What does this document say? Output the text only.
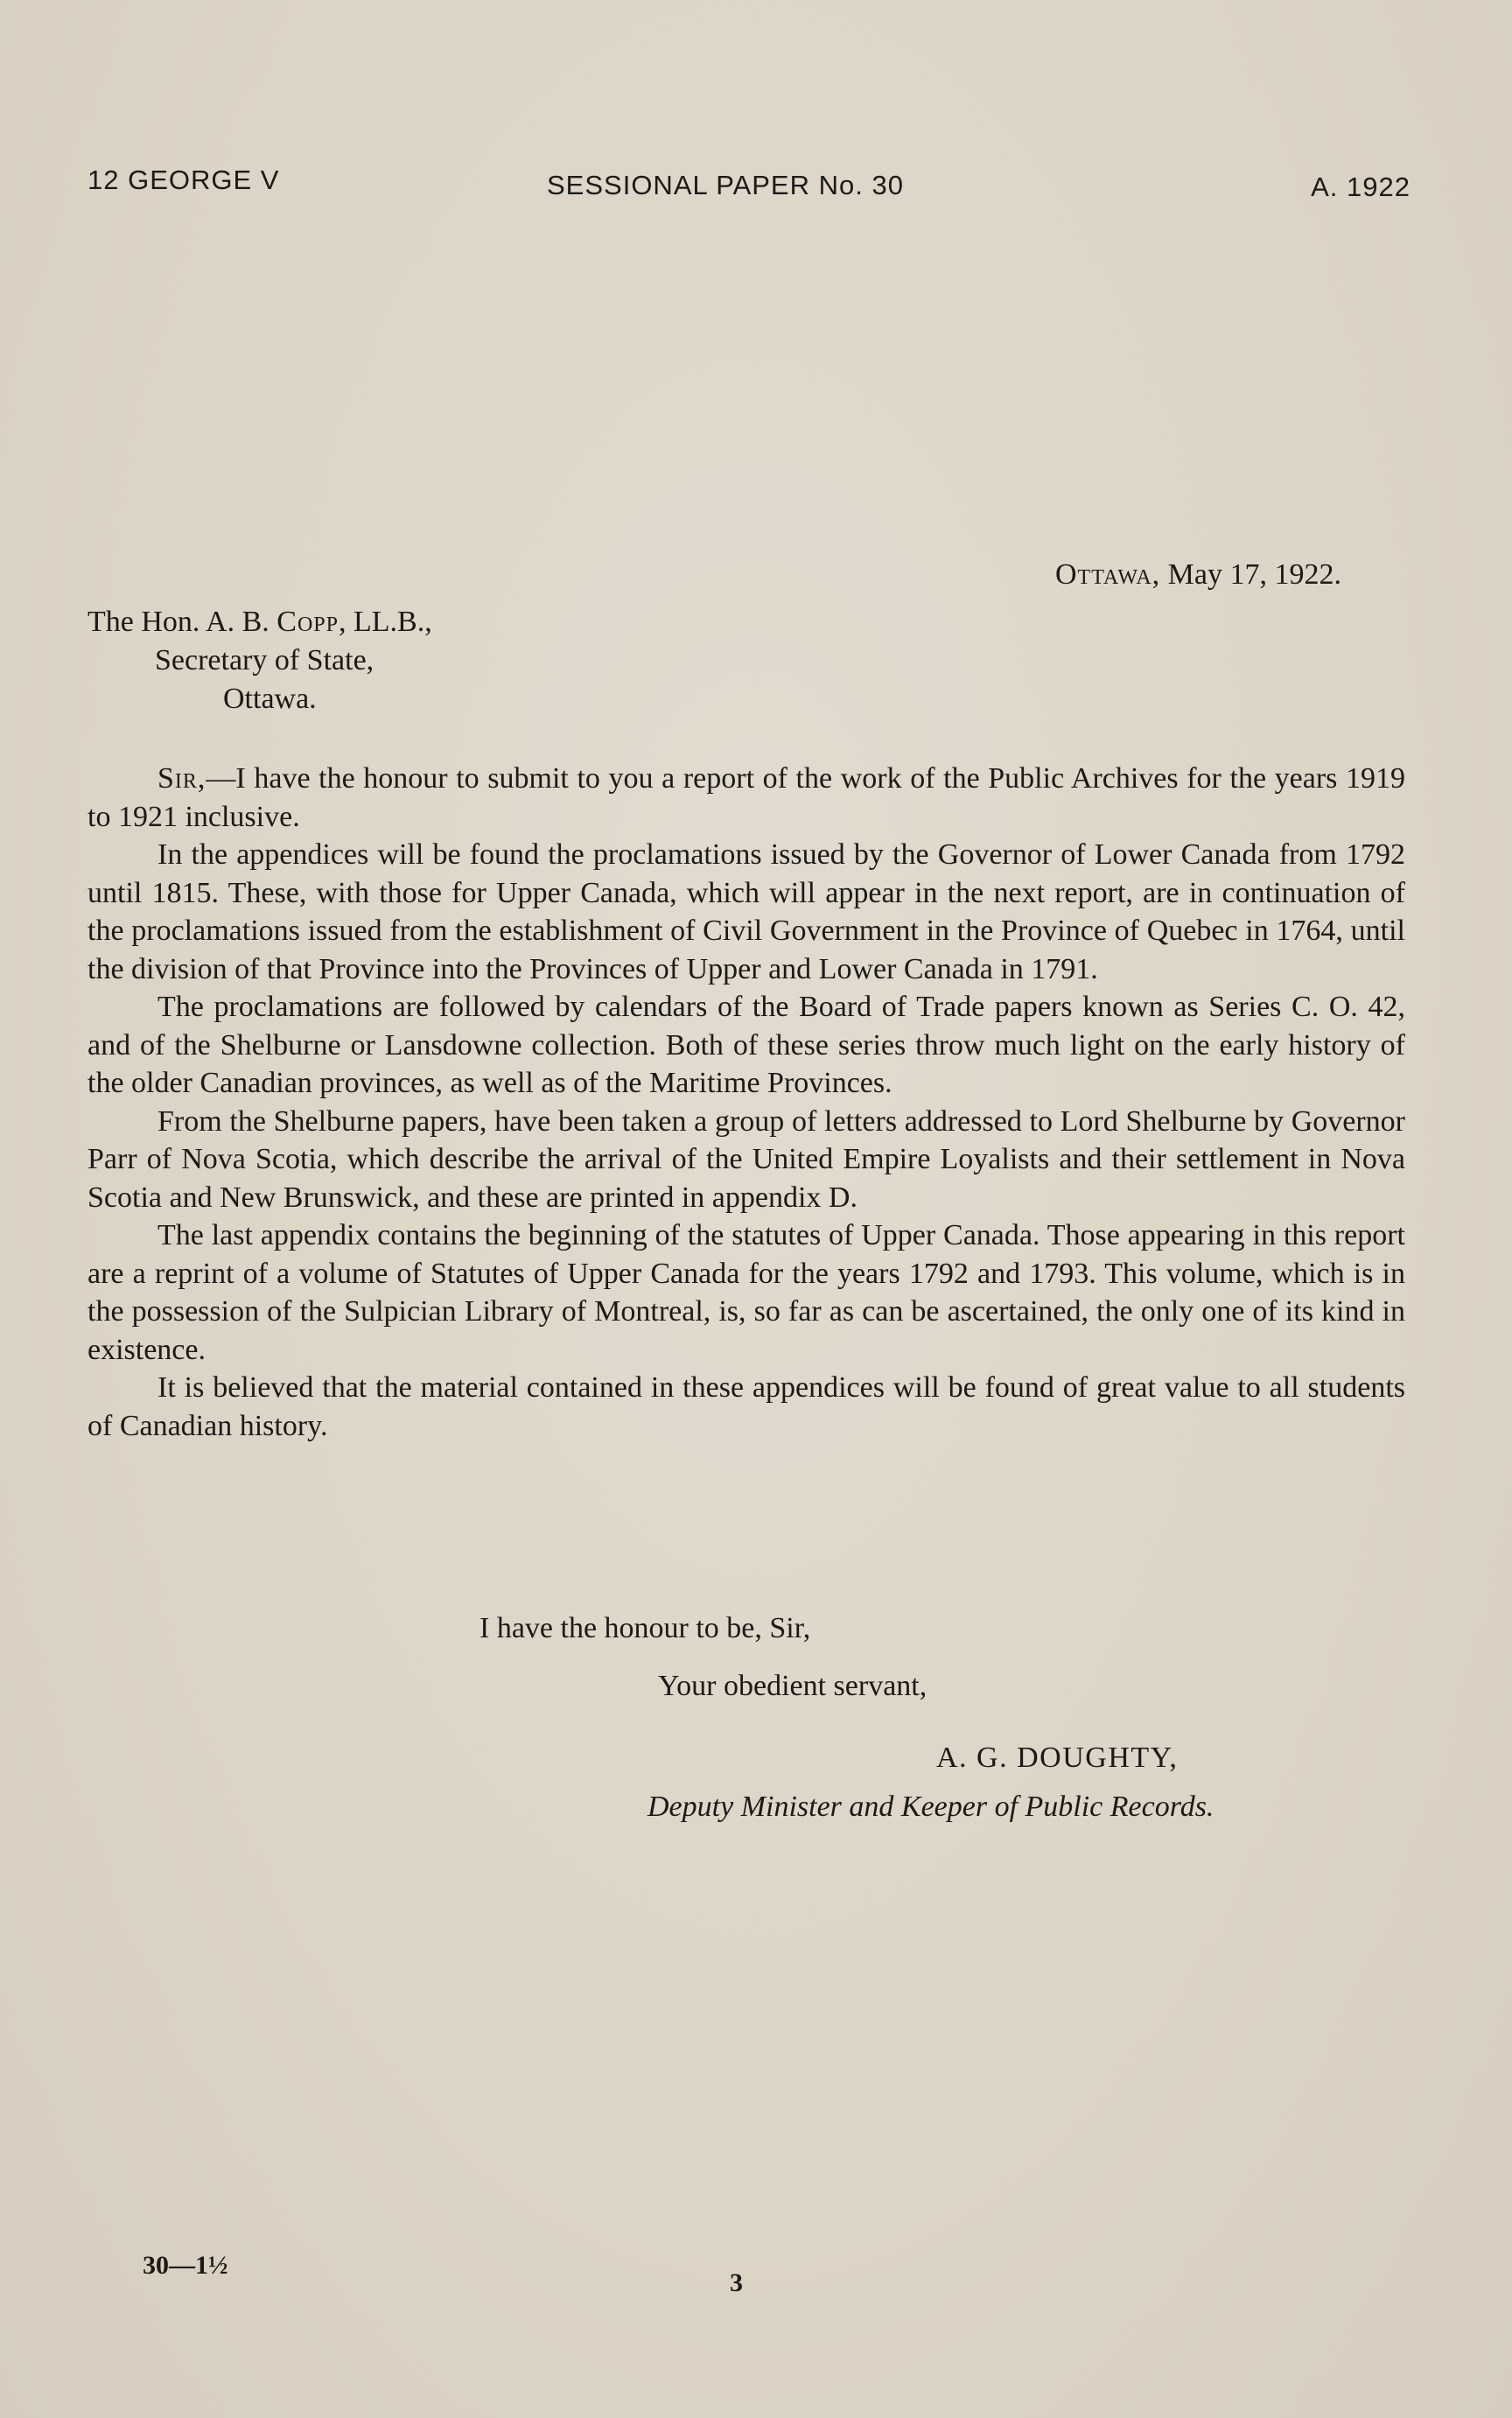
12 GEORGE V	SESSIONAL PAPER No. 30	A. 1922
Ottawa, May 17, 1922.
The Hon. A. B. Copp, LL.B.,
Secretary of State,
Ottawa.

Sir,—I have the honour to submit to you a report of the work of the Public Archives for the years 1919 to 1921 inclusive.

In the appendices will be found the proclamations issued by the Governor of Lower Canada from 1792 until 1815. These, with those for Upper Canada, which will appear in the next report, are in continuation of the proclamations issued from the establishment of Civil Government in the Province of Quebec in 1764, until the division of that Province into the Provinces of Upper and Lower Canada in 1791.

The proclamations are followed by calendars of the Board of Trade papers known as Series C. O. 42, and of the Shelburne or Lansdowne collection. Both of these series throw much light on the early history of the older Canadian provinces, as well as of the Maritime Provinces.

From the Shelburne papers, have been taken a group of letters addressed to Lord Shelburne by Governor Parr of Nova Scotia, which describe the arrival of the United Empire Loyalists and their settlement in Nova Scotia and New Brunswick, and these are printed in appendix D.

The last appendix contains the beginning of the statutes of Upper Canada. Those appearing in this report are a reprint of a volume of Statutes of Upper Canada for the years 1792 and 1793. This volume, which is in the possession of the Sulpician Library of Montreal, is, so far as can be ascertained, the only one of its kind in existence.

It is believed that the material contained in these appendices will be found of great value to all students of Canadian history.

I have the honour to be, Sir,
Your obedient servant,
A. G. DOUGHTY,
Deputy Minister and Keeper of Public Records.
30—1½
3
